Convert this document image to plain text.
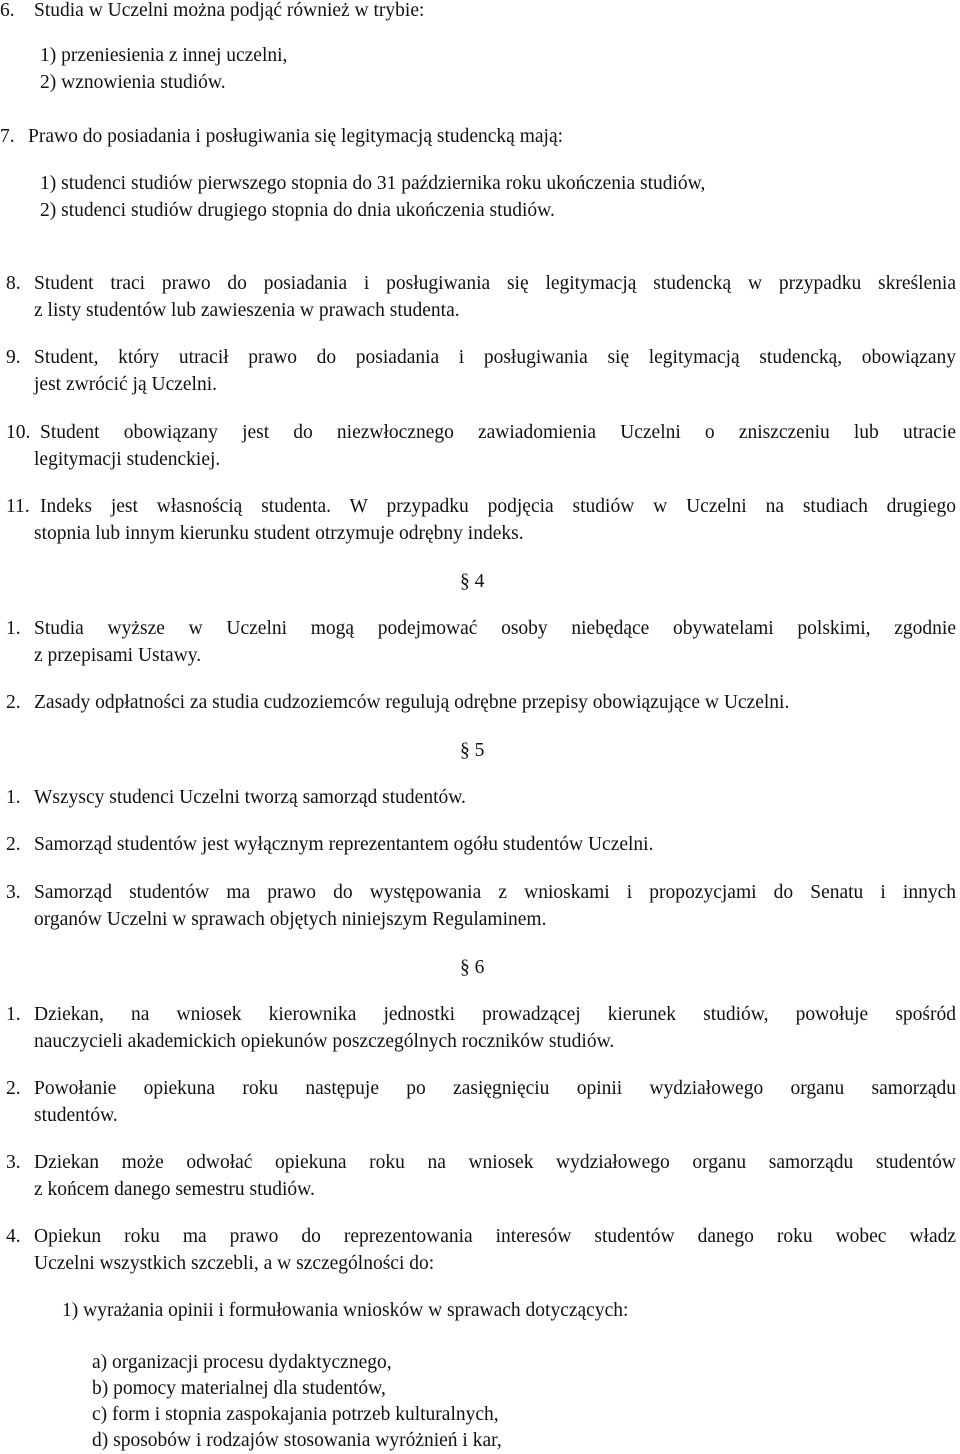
6. Studia w Uczelni można podjąć również w trybie:
1) przeniesienia z innej uczelni,
2) wznowienia studiów.
7. Prawo do posiadania i posługiwania się legitymacją studencką mają:
1) studenci studiów pierwszego stopnia do 31 października roku ukończenia studiów,
2) studenci studiów drugiego stopnia do dnia ukończenia studiów.
8. Student traci prawo do posiadania i posługiwania się legitymacją studencką w przypadku skreślenia
z listy studentów lub zawieszenia w prawach studenta.
9. Student, który utracił prawo do posiadania i posługiwania się legitymacją studencką, obowiązany
jest zwrócić ją Uczelni.
10. Student obowiązany jest do niezwłocznego zawiadomienia Uczelni o zniszczeniu lub utracie
legitymacji studenckiej.
11. Indeks jest własnością studenta. W przypadku podjęcia studiów w Uczelni na studiach drugiego
stopnia lub innym kierunku student otrzymuje odrębny indeks.
§ 4
1. Studia wyższe w Uczelni mogą podejmować osoby niebędące obywatelami polskimi, zgodnie
z przepisami Ustawy.
2. Zasady odpłatności za studia cudzoziemców regulują odrębne przepisy obowiązujące w Uczelni.
§ 5
1. Wszyscy studenci Uczelni tworzą samorząd studentów.
2. Samorząd studentów jest wyłącznym reprezentantem ogółu studentów Uczelni.
3. Samorząd studentów ma prawo do występowania z wnioskami i propozycjami do Senatu i innych
organów Uczelni w sprawach objętych niniejszym Regulaminem.
§ 6
1. Dziekan, na wniosek kierownika jednostki prowadzącej kierunek studiów, powołuje spośród
nauczycieli akademickich opiekunów poszczególnych roczników studiów.
2. Powołanie opiekuna roku następuje po zasięgnięciu opinii wydziałowego organu samorządu
studentów.
3. Dziekan może odwołać opiekuna roku na wniosek wydziałowego organu samorządu studentów
z końcem danego semestru studiów.
4. Opiekun roku ma prawo do reprezentowania interesów studentów danego roku wobec władz
Uczelni wszystkich szczebli, a w szczególności do:
1) wyrażania opinii i formułowania wniosków w sprawach dotyczących:
a) organizacji procesu dydaktycznego,
b) pomocy materialnej dla studentów,
c) form i stopnia zaspokajania potrzeb kulturalnych,
d) sposobów i rodzajów stosowania wyróżnień i kar,
